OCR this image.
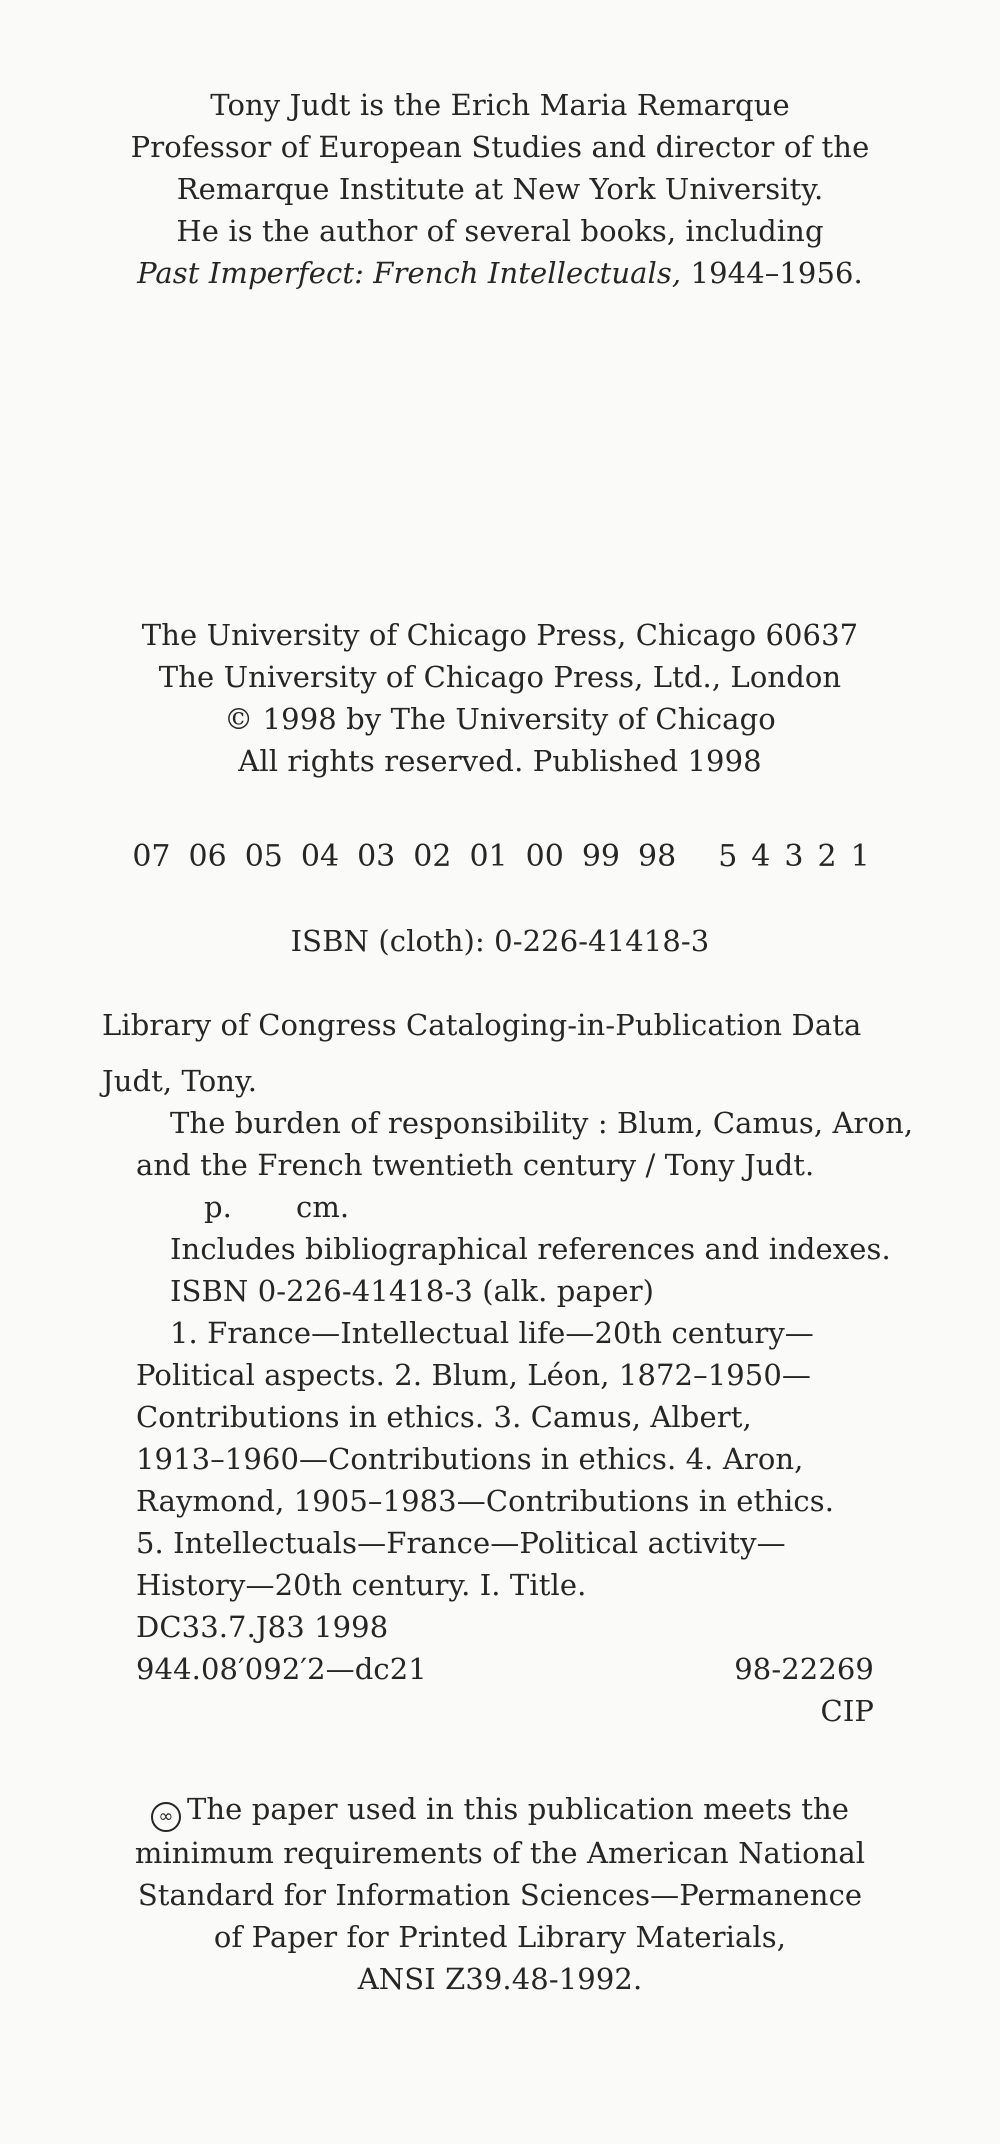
Tony Judt is the Erich Maria Remarque
Professor of European Studies and director of the
Remarque Institute at New York University.
He is the author of several books, including
Past Imperfect: French Intellectuals, 1944–1956.
The University of Chicago Press, Chicago 60637
The University of Chicago Press, Ltd., London
© 1998 by The University of Chicago
All rights reserved. Published 1998
07 06 05 04 03 02 01 00 99 98 5 4 3 2 1
ISBN (cloth): 0-226-41418-3
Library of Congress Cataloging-in-Publication Data
Judt, Tony.
The burden of responsibility : Blum, Camus, Aron,
and the French twentieth century / Tony Judt.
p. cm.
Includes bibliographical references and indexes.
ISBN 0-226-41418-3 (alk. paper)
1. France—Intellectual life—20th century—
Political aspects. 2. Blum, Léon, 1872–1950—
Contributions in ethics. 3. Camus, Albert,
1913–1960—Contributions in ethics. 4. Aron,
Raymond, 1905–1983—Contributions in ethics.
5. Intellectuals—France—Political activity—
History—20th century. I. Title.
DC33.7.J83 1998
944.08′092′2—dc21	98-22269
CIP
∞ The paper used in this publication meets the
minimum requirements of the American National
Standard for Information Sciences—Permanence
of Paper for Printed Library Materials,
ANSI Z39.48-1992.
